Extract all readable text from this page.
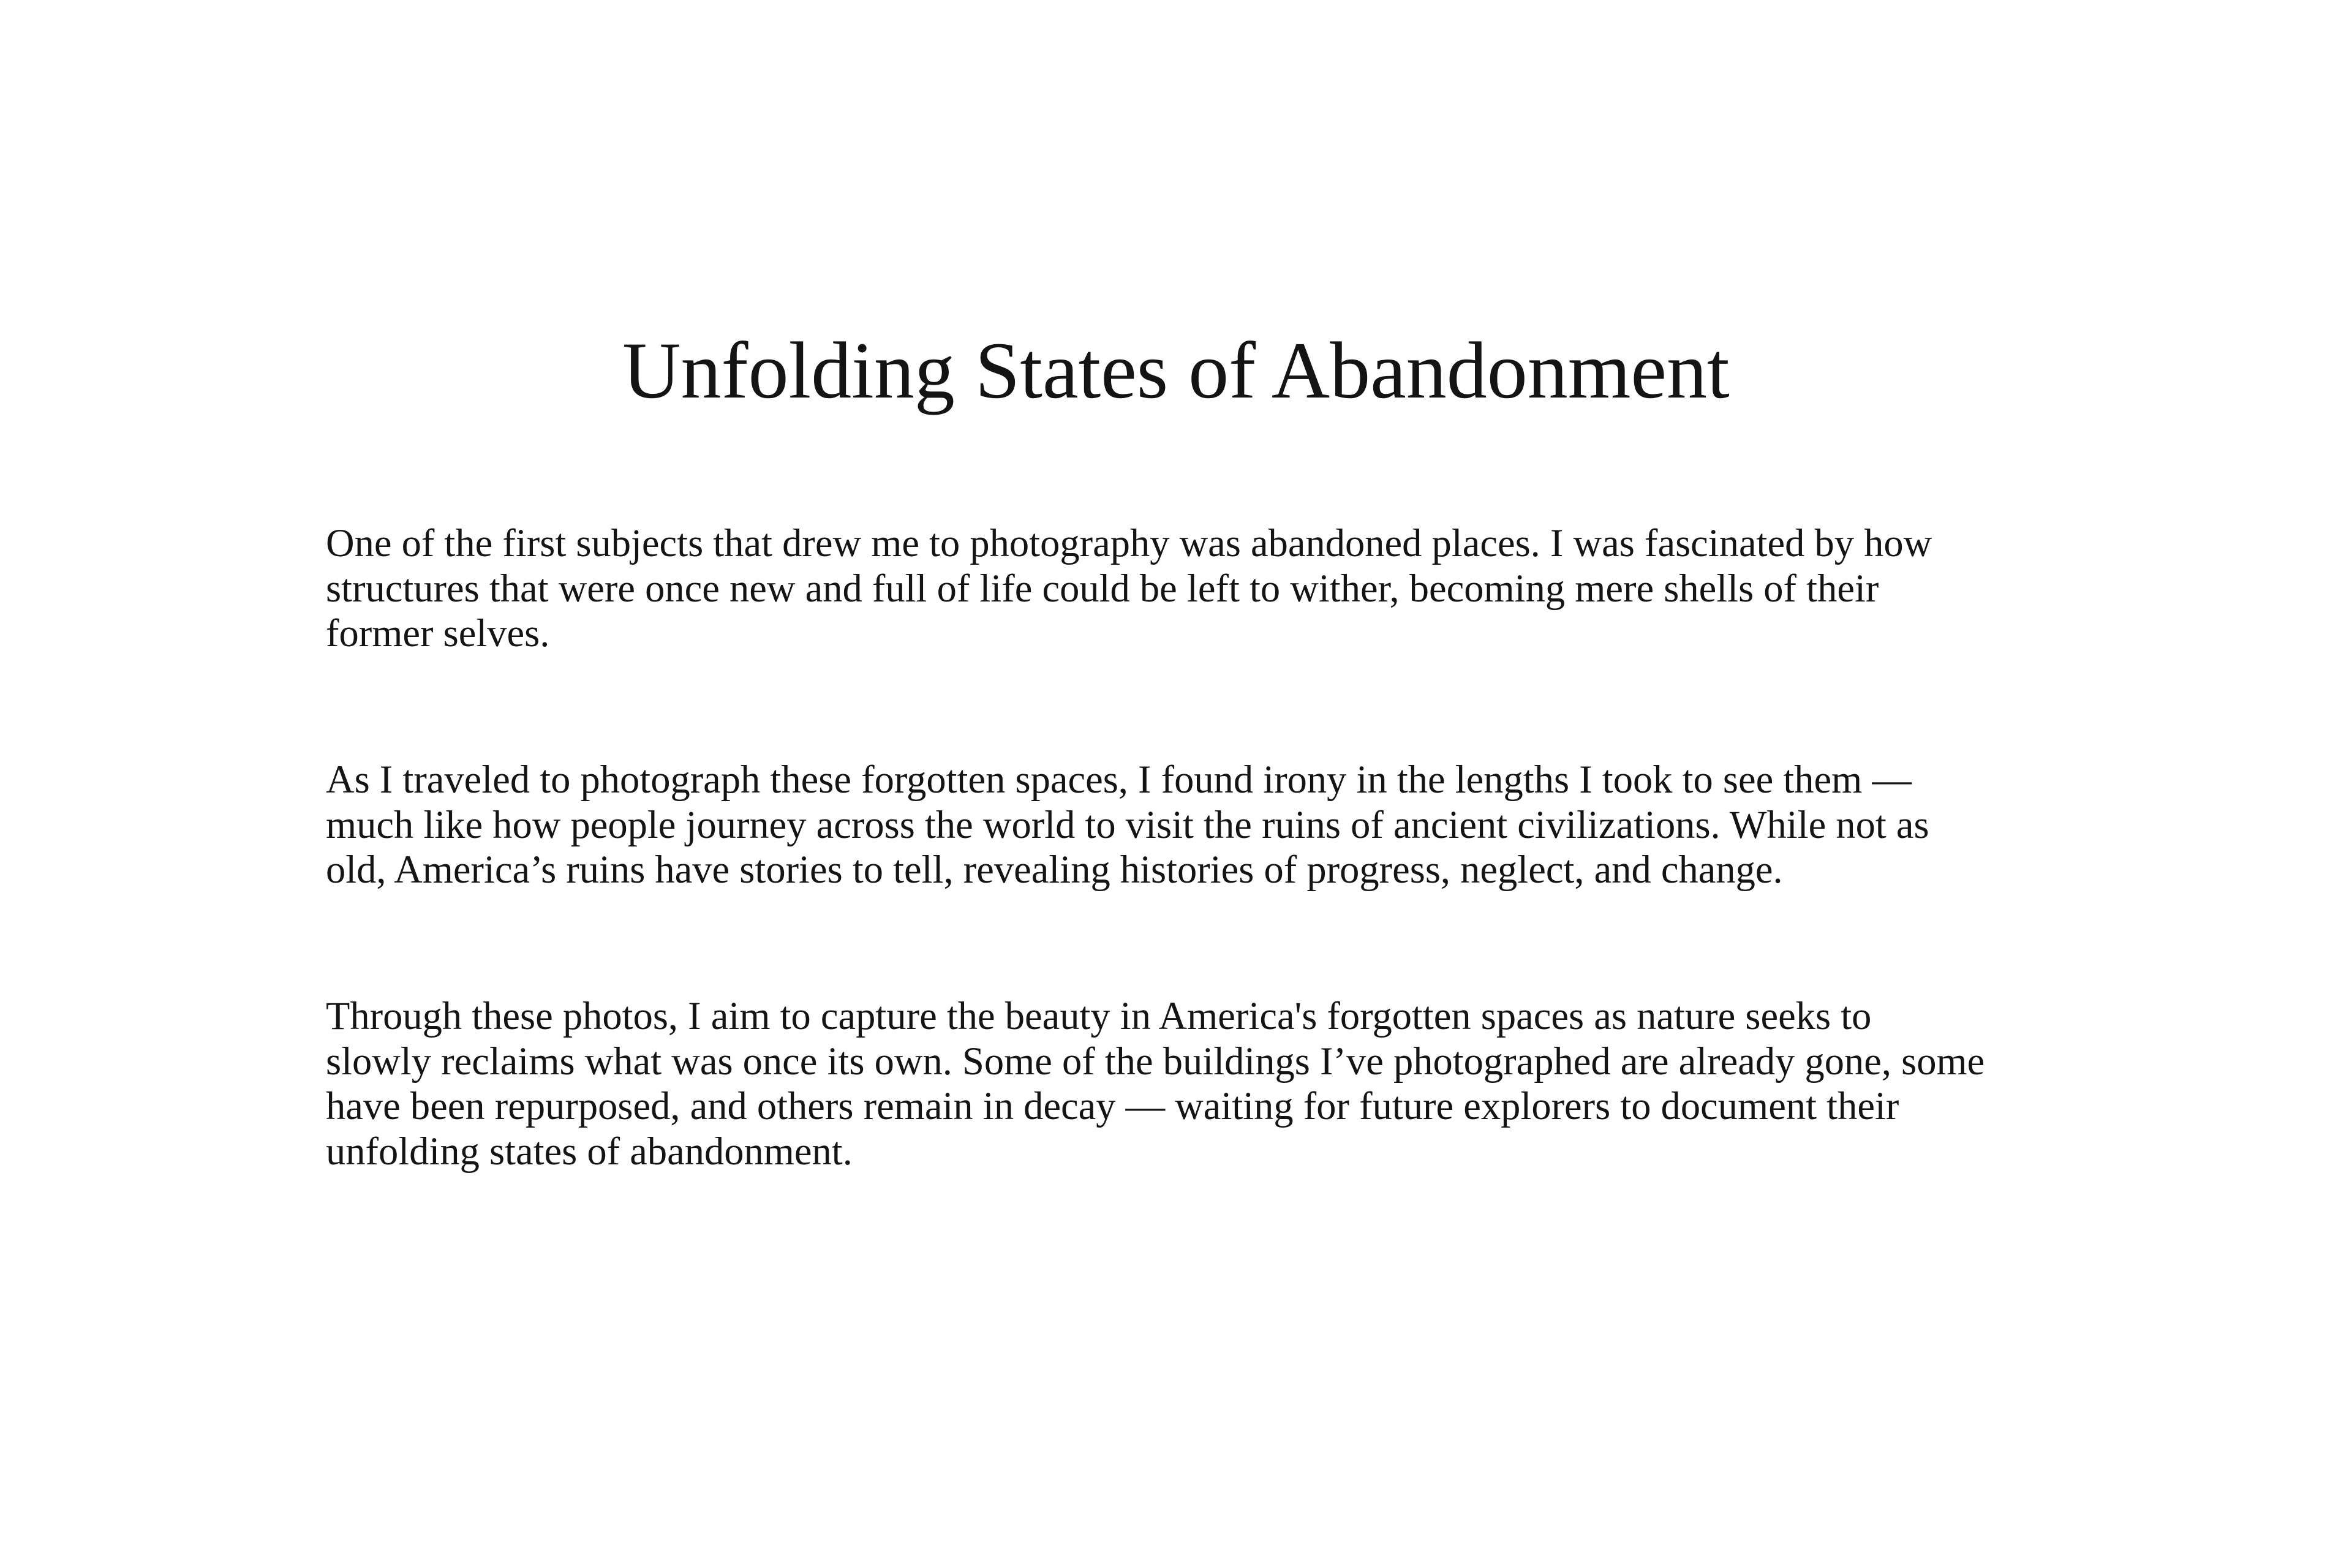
Unfolding States of Abandonment

One of the first subjects that drew me to photography was abandoned places. I was fascinated by how
structures that were once new and full of life could be left to wither, becoming mere shells of their
former selves.

As I traveled to photograph these forgotten spaces, I found irony in the lengths I took to see them —
much like how people journey across the world to visit the ruins of ancient civilizations. While not as
old, America’s ruins have stories to tell, revealing histories of progress, neglect, and change.

Through these photos, I aim to capture the beauty in America's forgotten spaces as nature seeks to
slowly reclaims what was once its own. Some of the buildings I’ve photographed are already gone, some
have been repurposed, and others remain in decay — waiting for future explorers to document their
unfolding states of abandonment.
